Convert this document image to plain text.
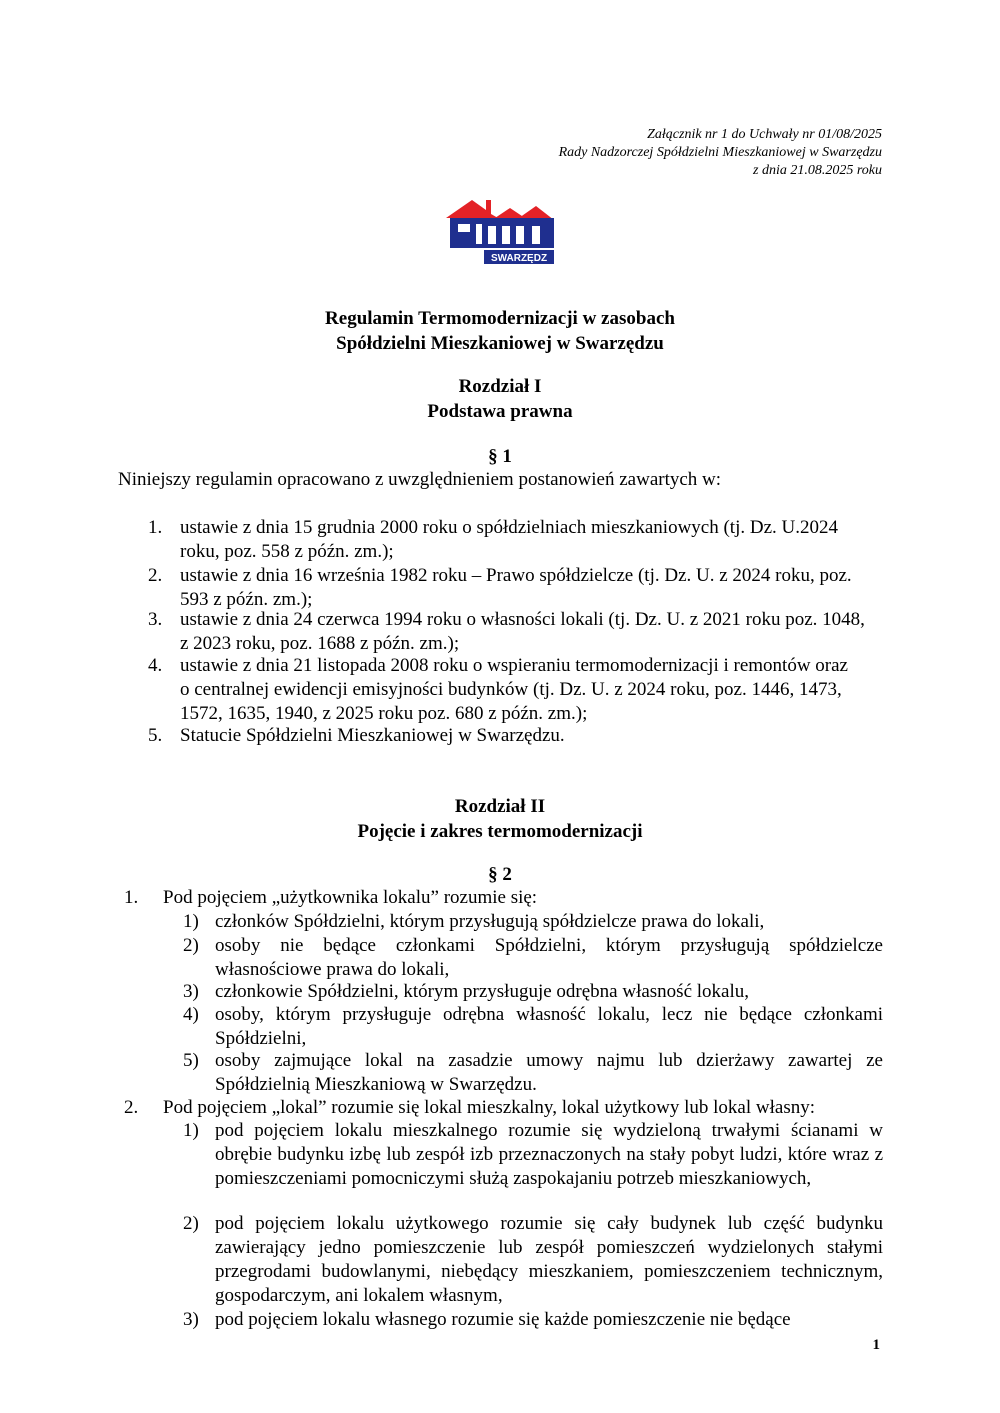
Załącznik nr 1 do Uchwały nr 01/08/2025
Rady Nadzorczej Spółdzielni Mieszkaniowej w Swarzędzu
z dnia 21.08.2025 roku
SWARZĘDZ
Regulamin Termomodernizacji w zasobach
Spółdzielni Mieszkaniowej w Swarzędzu
Rozdział I
Podstawa prawna
§ 1
Niniejszy regulamin opracowano z uwzględnieniem postanowień zawartych w:
1. ustawie z dnia 15 grudnia 2000 roku o spółdzielniach mieszkaniowych (tj. Dz. U.2024
roku, poz. 558 z późn. zm.);
2. ustawie z dnia 16 września 1982 roku – Prawo spółdzielcze (tj. Dz. U. z 2024 roku, poz.
593 z późn. zm.);
3. ustawie z dnia 24 czerwca 1994 roku o własności lokali (tj. Dz. U. z 2021 roku poz. 1048,
z 2023 roku, poz. 1688 z późn. zm.);
4. ustawie z dnia 21 listopada 2008 roku o wspieraniu termomodernizacji i remontów oraz
o centralnej ewidencji emisyjności budynków (tj. Dz. U. z 2024 roku, poz. 1446, 1473,
1572, 1635, 1940, z 2025 roku poz. 680 z późn. zm.);
5. Statucie Spółdzielni Mieszkaniowej w Swarzędzu.
Rozdział II
Pojęcie i zakres termomodernizacji
§ 2
1. Pod pojęciem „użytkownika lokalu” rozumie się:
1) członków Spółdzielni, którym przysługują spółdzielcze prawa do lokali,
2) osoby nie będące członkami Spółdzielni, którym przysługują spółdzielcze własnościowe prawa do lokali,
3) członkowie Spółdzielni, którym przysługuje odrębna własność lokalu,
4) osoby, którym przysługuje odrębna własność lokalu, lecz nie będące członkami Spółdzielni,
5) osoby zajmujące lokal na zasadzie umowy najmu lub dzierżawy zawartej ze Spółdzielnią Mieszkaniową w Swarzędzu.
2. Pod pojęciem „lokal” rozumie się lokal mieszkalny, lokal użytkowy lub lokal własny:
1) pod pojęciem lokalu mieszkalnego rozumie się wydzieloną trwałymi ścianami w obrębie budynku izbę lub zespół izb przeznaczonych na stały pobyt ludzi, które wraz z pomieszczeniami pomocniczymi służą zaspokajaniu potrzeb mieszkaniowych,
2) pod pojęciem lokalu użytkowego rozumie się cały budynek lub część budynku zawierający jedno pomieszczenie lub zespół pomieszczeń wydzielonych stałymi przegrodami budowlanymi, niebędący mieszkaniem, pomieszczeniem technicznym, gospodarczym, ani lokalem własnym,
3) pod pojęciem lokalu własnego rozumie się każde pomieszczenie nie będące
1
